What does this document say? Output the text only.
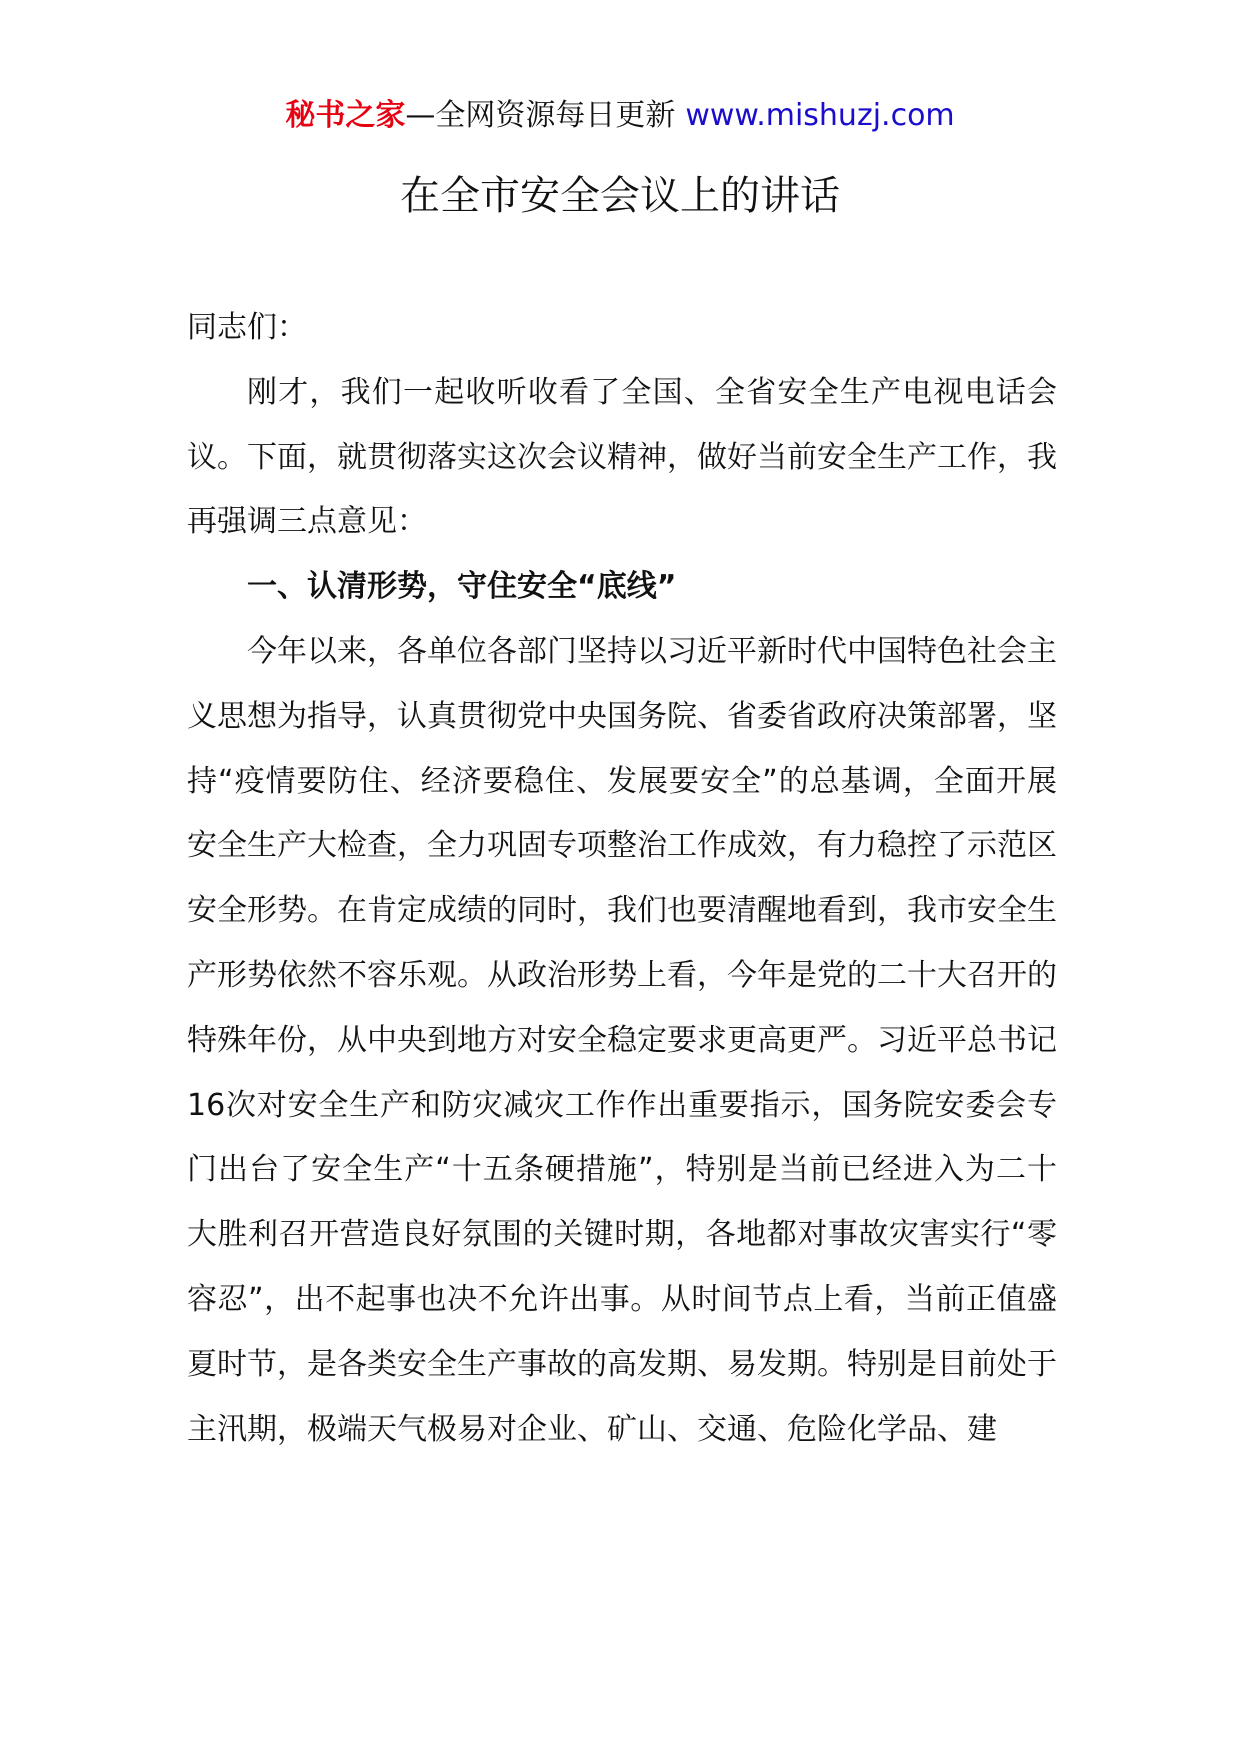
秘书之家—全网资源每日更新 www.mishuzj.com
在全市安全会议上的讲话

同志们：

刚才，我们一起收听收看了全国、全省安全生产电视电话会议。下面，就贯彻落实这次会议精神，做好当前安全生产工作，我再强调三点意见：

一、认清形势，守住安全“底线”

今年以来，各单位各部门坚持以习近平新时代中国特色社会主义思想为指导，认真贯彻党中央国务院、省委省政府决策部署，坚持“疫情要防住、经济要稳住、发展要安全”的总基调，全面开展安全生产大检查，全力巩固专项整治工作成效，有力稳控了示范区安全形势。在肯定成绩的同时，我们也要清醒地看到，我市安全生产形势依然不容乐观。从政治形势上看，今年是党的二十大召开的特殊年份，从中央到地方对安全稳定要求更高更严。习近平总书记16次对安全生产和防灾减灾工作作出重要指示，国务院安委会专门出台了安全生产“十五条硬措施”，特别是当前已经进入为二十大胜利召开营造良好氛围的关键时期，各地都对事故灾害实行“零容忍”，出不起事也决不允许出事。从时间节点上看，当前正值盛夏时节，是各类安全生产事故的高发期、易发期。特别是目前处于主汛期，极端天气极易对企业、矿山、交通、危险化学品、建
